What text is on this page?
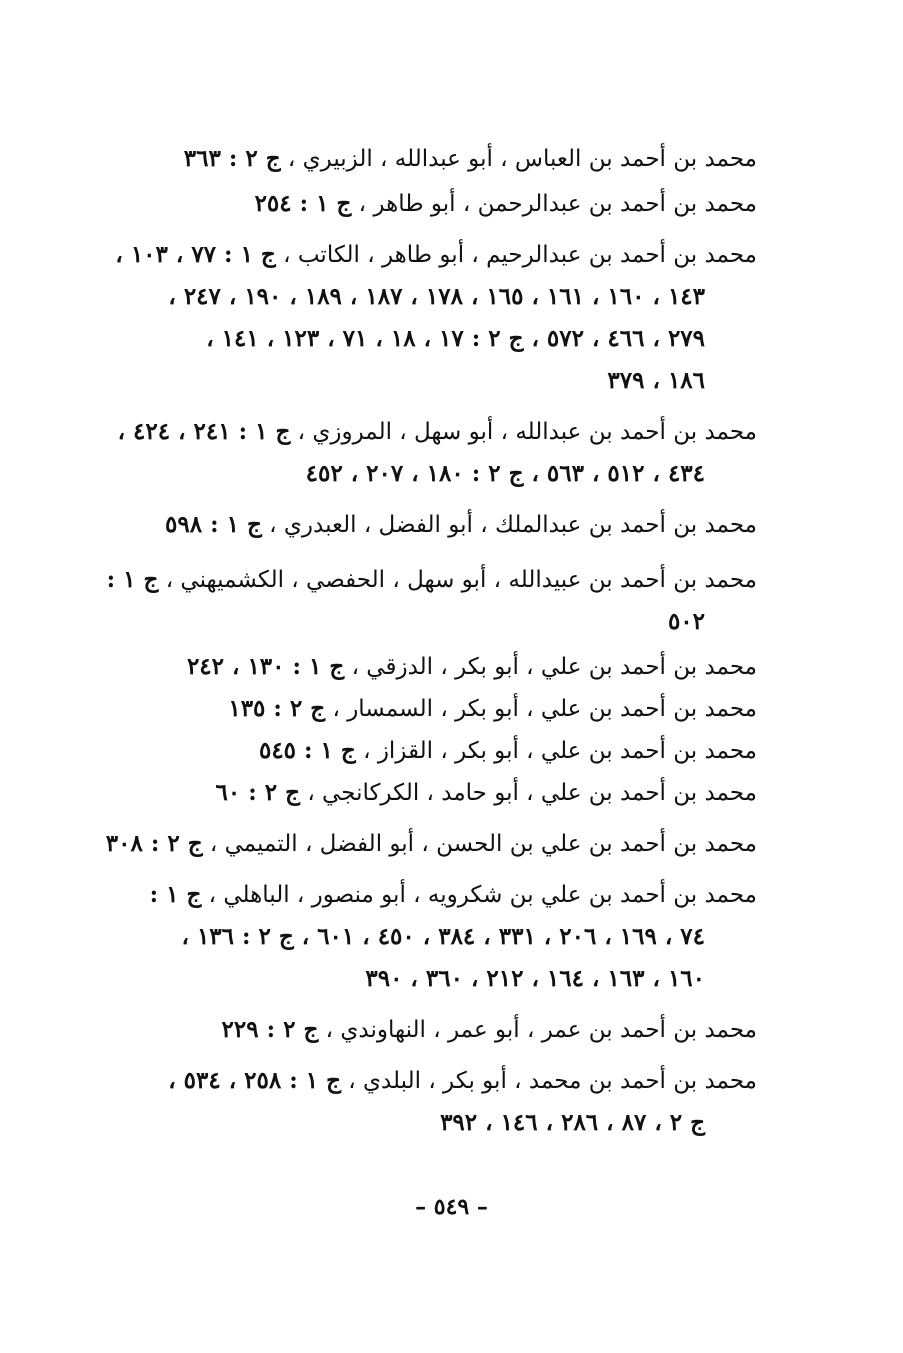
محمد بن أحمد بن العباس ، أبو عبدالله ، الزبيري ، ج ٢ : ٣٦٣
محمد بن أحمد بن عبدالرحمن ، أبو طاهر ، ج ١ : ٢٥٤
محمد بن أحمد بن عبدالرحيم ، أبو طاهر ، الكاتب ، ج ١ : ٧٧ ، ١٠٣ ،
١٤٣ ، ١٦٠ ، ١٦١ ، ١٦٥ ، ١٧٨ ، ١٨٧ ، ١٨٩ ، ١٩٠ ، ٢٤٧ ،
٢٧٩ ، ٤٦٦ ، ٥٧٢ ، ج ٢ : ١٧ ، ١٨ ، ٧١ ، ١٢٣ ، ١٤١ ،
١٨٦ ، ٣٧٩
محمد بن أحمد بن عبدالله ، أبو سهل ، المروزي ، ج ١ : ٢٤١ ، ٤٢٤ ،
٤٣٤ ، ٥١٢ ، ٥٦٣ ، ج ٢ : ١٨٠ ، ٢٠٧ ، ٤٥٢
محمد بن أحمد بن عبدالملك ، أبو الفضل ، العبدري ، ج ١ : ٥٩٨
محمد بن أحمد بن عبيدالله ، أبو سهل ، الحفصي ، الكشميهني ، ج ١ :
٥٠٢
محمد بن أحمد بن علي ، أبو بكر ، الدزقي ، ج ١ : ١٣٠ ، ٢٤٢
محمد بن أحمد بن علي ، أبو بكر ، السمسار ، ج ٢ : ١٣٥
محمد بن أحمد بن علي ، أبو بكر ، القزاز ، ج ١ : ٥٤٥
محمد بن أحمد بن علي ، أبو حامد ، الكركانجي ، ج ٢ : ٦٠
محمد بن أحمد بن علي بن الحسن ، أبو الفضل ، التميمي ، ج ٢ : ٣٠٨
محمد بن أحمد بن علي بن شكرويه ، أبو منصور ، الباهلي ، ج ١ :
٧٤ ، ١٦٩ ، ٢٠٦ ، ٣٣١ ، ٣٨٤ ، ٤٥٠ ، ٦٠١ ، ج ٢ : ١٣٦ ،
١٦٠ ، ١٦٣ ، ١٦٤ ، ٢١٢ ، ٣٦٠ ، ٣٩٠
محمد بن أحمد بن عمر ، أبو عمر ، النهاوندي ، ج ٢ : ٢٢٩
محمد بن أحمد بن محمد ، أبو بكر ، البلدي ، ج ١ : ٢٥٨ ، ٥٣٤ ،
ج ٢ ، ٨٧ ، ٢٨٦ ، ١٤٦ ، ٣٩٢
– ٥٤٩ –
